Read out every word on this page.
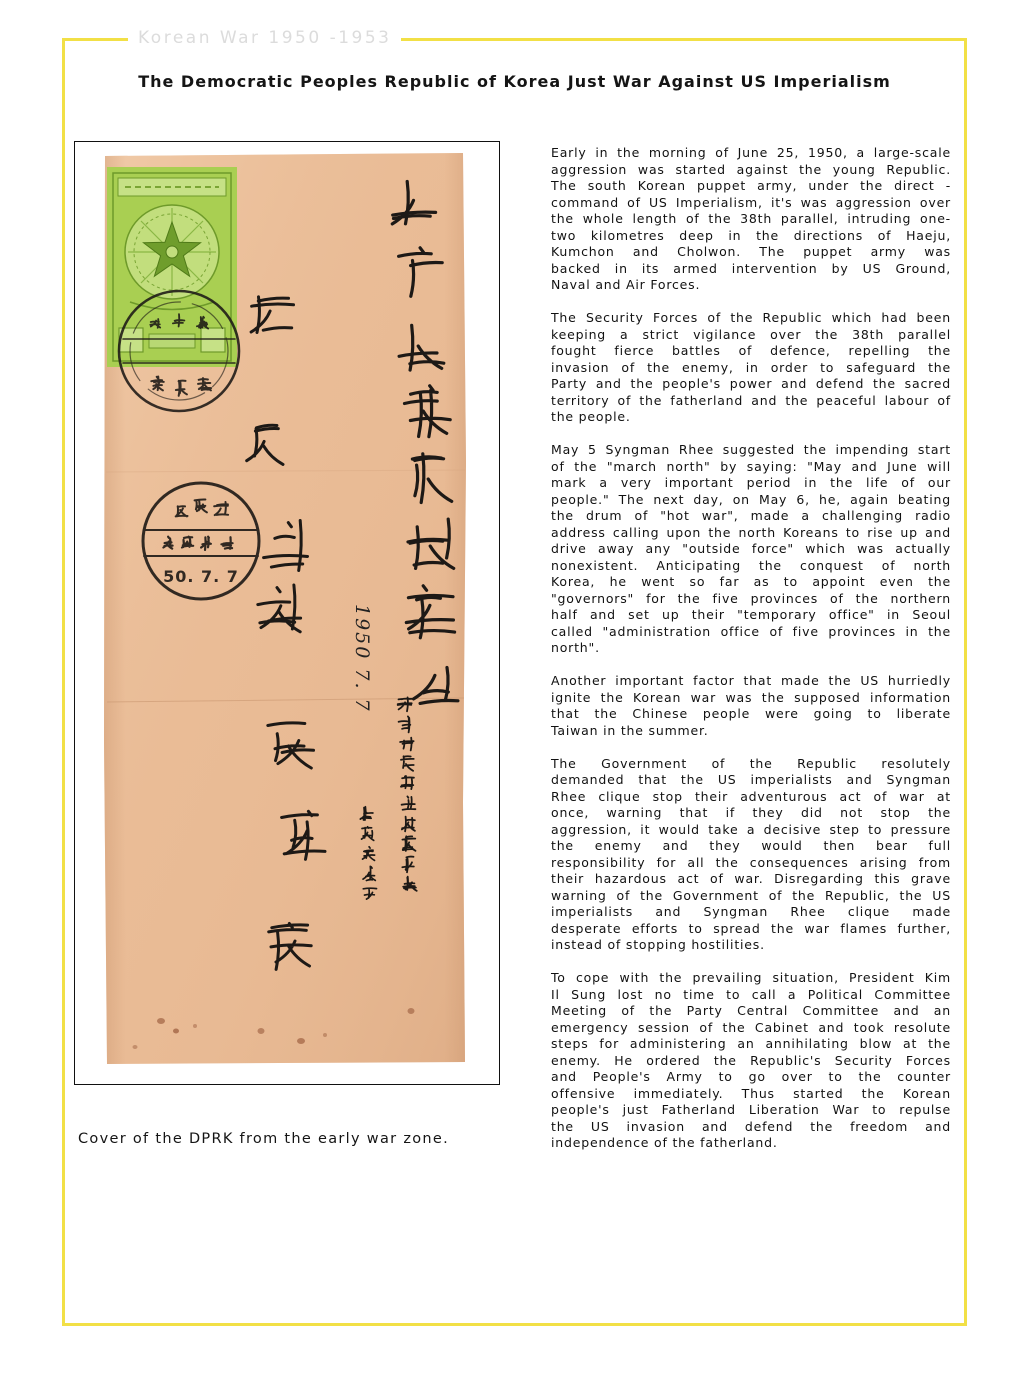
Korean War 1950 -1953
The Democratic Peoples Republic of Korea Just War Against US Imperialism
50. 7. 7
1950 7. 7
Cover of the DPRK from the early war zone.
Early in the morning of June 25, 1950, a large-scale
aggression was started against the young Republic.
The south Korean puppet army, under the direct -
command of US Imperialism, it's was aggression over
the whole length of the 38th parallel, intruding one-
two kilometres deep in the directions of Haeju,
Kumchon and Cholwon. The puppet army was
backed in its armed intervention by US Ground,
Naval and Air Forces.
The Security Forces of the Republic which had been
keeping a strict vigilance over the 38th parallel
fought fierce battles of defence, repelling the
invasion of the enemy, in order to safeguard the
Party and the people's power and defend the sacred
territory of the fatherland and the peaceful labour of
the people.
May 5 Syngman Rhee suggested the impending start
of the "march north" by saying: "May and June will
mark a very important period in the life of our
people." The next day, on May 6, he, again beating
the drum of "hot war", made a challenging radio
address calling upon the north Koreans to rise up and
drive away any "outside force" which was actually
nonexistent. Anticipating the conquest of north
Korea, he went so far as to appoint even the
"governors" for the five provinces of the northern
half and set up their "temporary office" in Seoul
called "administration office of five provinces in the
north".
Another important factor that made the US hurriedly
ignite the Korean war was the supposed information
that the Chinese people were going to liberate
Taiwan in the summer.
The Government of the Republic resolutely
demanded that the US imperialists and Syngman
Rhee clique stop their adventurous act of war at
once, warning that if they did not stop the
aggression, it would take a decisive step to pressure
the enemy and they would then bear full
responsibility for all the consequences arising from
their hazardous act of war. Disregarding this grave
warning of the Government of the Republic, the US
imperialists and Syngman Rhee clique made
desperate efforts to spread the war flames further,
instead of stopping hostilities.
To cope with the prevailing situation, President Kim
Il Sung lost no time to call a Political Committee
Meeting of the Party Central Committee and an
emergency session of the Cabinet and took resolute
steps for administering an annihilating blow at the
enemy. He ordered the Republic's Security Forces
and People's Army to go over to the counter
offensive immediately. Thus started the Korean
people's just Fatherland Liberation War to repulse
the US invasion and defend the freedom and
independence of the fatherland.
